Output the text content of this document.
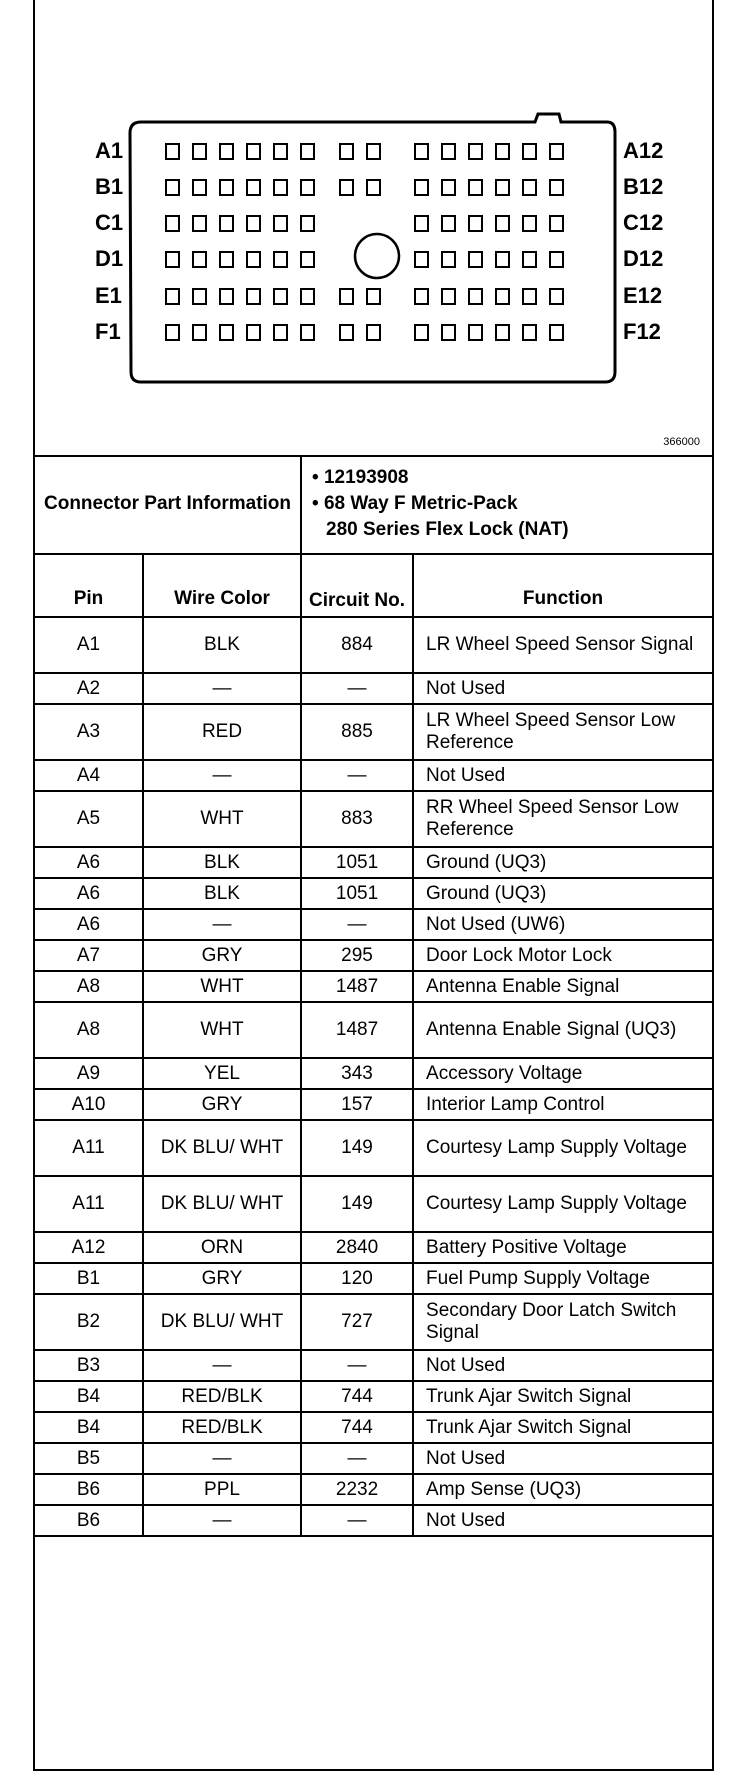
A1
B1
C1
D1
E1
F1
A12
B12
C12
D12
E12
F12
366000
Connector Part Information		• 12193908
• 68 Way F Metric-Pack
280 Series Flex Lock (NAT)	

Pin	Wire Color	Circuit No.	Function
A1	BLK	884	LR Wheel Speed Sensor Signal
A2	—	—	Not Used
A3	RED	885	LR Wheel Speed Sensor Low Reference
A4	—	—	Not Used
A5	WHT	883	RR Wheel Speed Sensor Low Reference
A6	BLK	1051	Ground (UQ3)
A6	BLK	1051	Ground (UQ3)
A6	—	—	Not Used (UW6)
A7	GRY	295	Door Lock Motor Lock
A8	WHT	1487	Antenna Enable Signal
A8	WHT	1487	Antenna Enable Signal (UQ3)
A9	YEL	343	Accessory Voltage
A10	GRY	157	Interior Lamp Control
A11	DK BLU/ WHT	149	Courtesy Lamp Supply Voltage
A11	DK BLU/ WHT	149	Courtesy Lamp Supply Voltage
A12	ORN	2840	Battery Positive Voltage
B1	GRY	120	Fuel Pump Supply Voltage
B2	DK BLU/ WHT	727	Secondary Door Latch Switch Signal
B3	—	—	Not Used
B4	RED/BLK	744	Trunk Ajar Switch Signal
B4	RED/BLK	744	Trunk Ajar Switch Signal
B5	—	—	Not Used
B6	PPL	2232	Amp Sense (UQ3)
B6	—	—	Not Used
